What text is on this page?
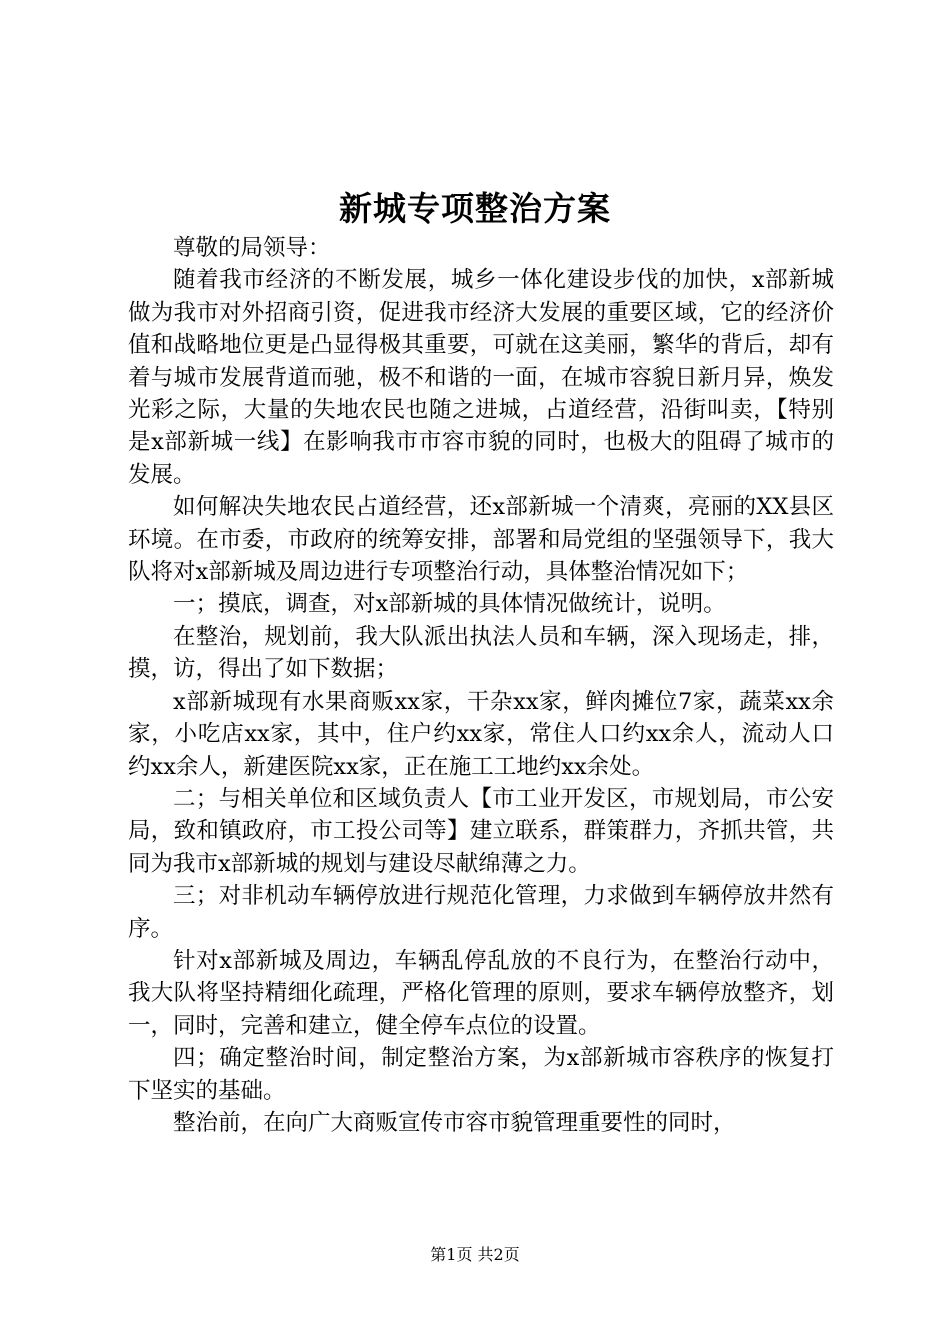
新城专项整治方案

尊敬的局领导：

随着我市经济的不断发展，城乡一体化建设步伐的加快，x部新城做为我市对外招商引资，促进我市经济大发展的重要区域，它的经济价值和战略地位更是凸显得极其重要，可就在这美丽，繁华的背后，却有着与城市发展背道而驰，极不和谐的一面，在城市容貌日新月异，焕发光彩之际，大量的失地农民也随之进城，占道经营，沿街叫卖，【特别是x部新城一线】在影响我市市容市貌的同时，也极大的阻碍了城市的发展。

如何解决失地农民占道经营，还x部新城一个清爽，亮丽的XX县区环境。在市委，市政府的统筹安排，部署和局党组的坚强领导下，我大队将对x部新城及周边进行专项整治行动，具体整治情况如下；

一；摸底，调查，对x部新城的具体情况做统计，说明。

在整治，规划前，我大队派出执法人员和车辆，深入现场走，排，摸，访，得出了如下数据；

x部新城现有水果商贩xx家，干杂xx家，鲜肉摊位7家，蔬菜xx余家，小吃店xx家，其中，住户约xx家，常住人口约xx余人，流动人口约xx余人，新建医院xx家，正在施工工地约xx余处。

二；与相关单位和区域负责人【市工业开发区，市规划局，市公安局，致和镇政府，市工投公司等】建立联系，群策群力，齐抓共管，共同为我市x部新城的规划与建设尽献绵薄之力。

三；对非机动车辆停放进行规范化管理，力求做到车辆停放井然有序。

针对x部新城及周边，车辆乱停乱放的不良行为，在整治行动中，我大队将坚持精细化疏理，严格化管理的原则，要求车辆停放整齐，划一，同时，完善和建立，健全停车点位的设置。

四；确定整治时间，制定整治方案，为x部新城市容秩序的恢复打下坚实的基础。

整治前，在向广大商贩宣传市容市貌管理重要性的同时，

第1页 共2页
